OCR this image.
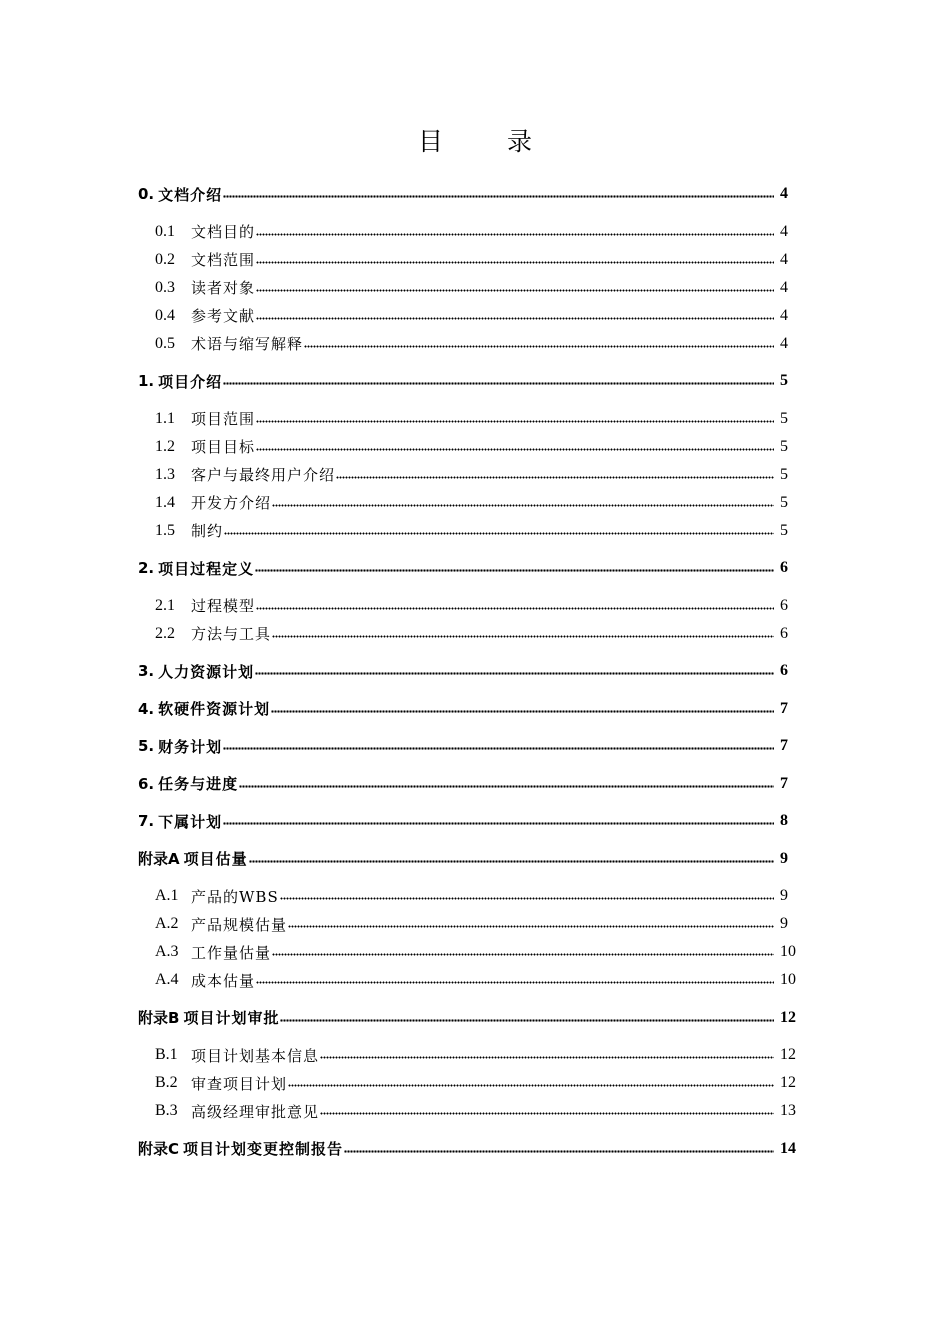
目 录
0. 文档介绍	4
0.1	文档目的	4
0.2	文档范围	4
0.3	读者对象	4
0.4	参考文献	4
0.5	术语与缩写解释	4
1. 项目介绍	5
1.1	项目范围	5
1.2	项目目标	5
1.3	客户与最终用户介绍	5
1.4	开发方介绍	5
1.5	制约	5
2. 项目过程定义	6
2.1	过程模型	6
2.2	方法与工具	6
3. 人力资源计划	6
4. 软硬件资源计划	7
5. 财务计划	7
6. 任务与进度	7
7. 下属计划	8
附录A 项目估量	9
A.1 产品的WBS	9
A.2 产品规模估量	9
A.3 工作量估量	10
A.4 成本估量	10
附录B 项目计划审批	12
B.1 项目计划基本信息	12
B.2 审查项目计划	12
B.3 高级经理审批意见	13
附录C 项目计划变更控制报告	14
